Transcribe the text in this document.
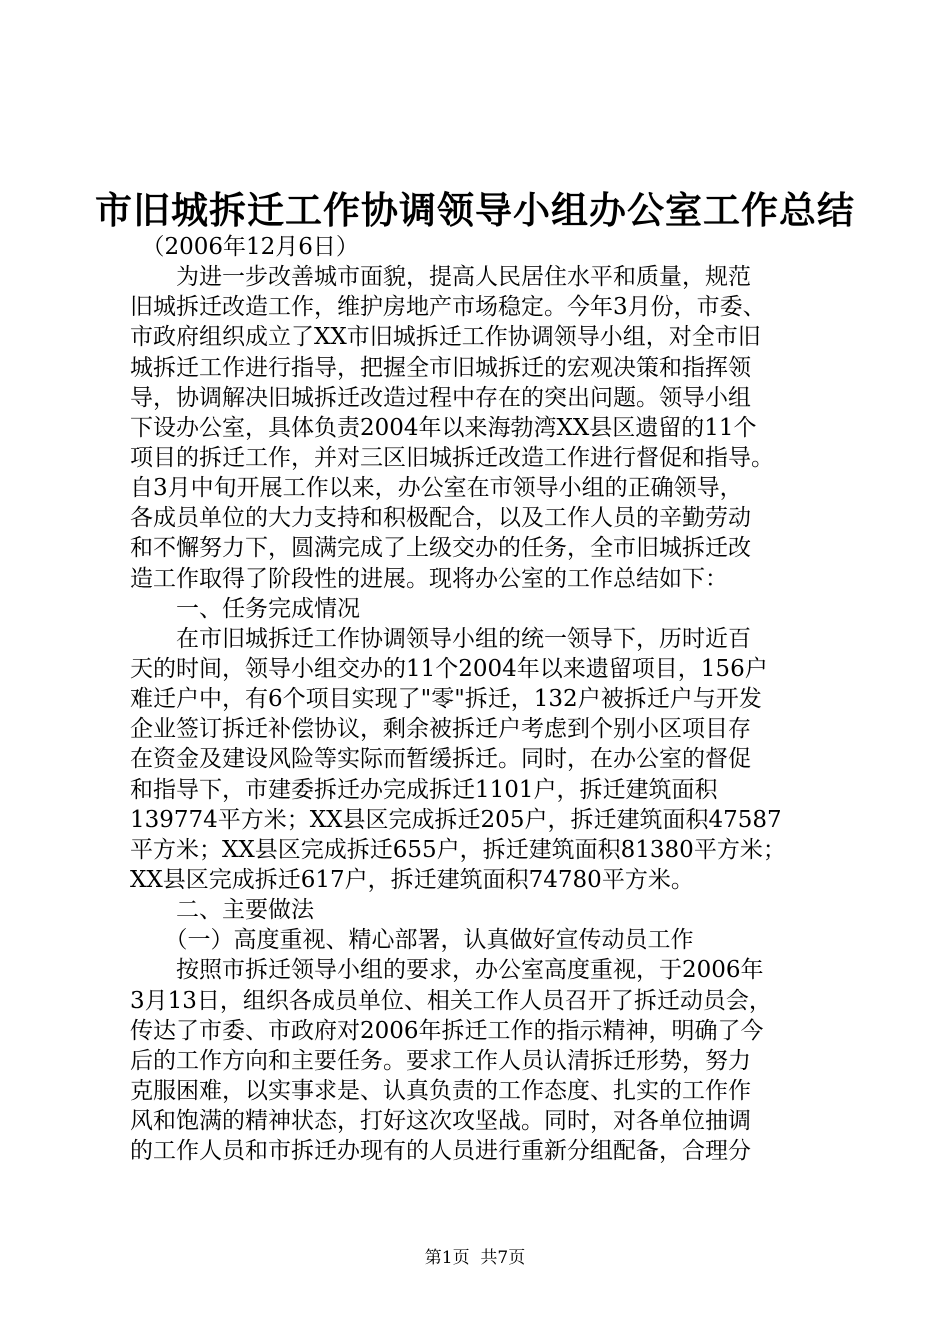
市旧城拆迁工作协调领导小组办公室工作总结
　（2006年12月6日）
　　为进一步改善城市面貌，提高人民居住水平和质量，规范
旧城拆迁改造工作，维护房地产市场稳定。今年3月份，市委、
市政府组织成立了XX市旧城拆迁工作协调领导小组，对全市旧
城拆迁工作进行指导，把握全市旧城拆迁的宏观决策和指挥领
导，协调解决旧城拆迁改造过程中存在的突出问题。领导小组
下设办公室，具体负责2004年以来海勃湾XX县区遗留的11个
项目的拆迁工作，并对三区旧城拆迁改造工作进行督促和指导。
自3月中旬开展工作以来，办公室在市领导小组的正确领导，
各成员单位的大力支持和积极配合，以及工作人员的辛勤劳动
和不懈努力下，圆满完成了上级交办的任务，全市旧城拆迁改
造工作取得了阶段性的进展。现将办公室的工作总结如下：
　　一、任务完成情况
　　在市旧城拆迁工作协调领导小组的统一领导下，历时近百
天的时间，领导小组交办的11个2004年以来遗留项目，156户
难迁户中，有6个项目实现了"零"拆迁，132户被拆迁户与开发
企业签订拆迁补偿协议，剩余被拆迁户考虑到个别小区项目存
在资金及建设风险等实际而暂缓拆迁。同时，在办公室的督促
和指导下，市建委拆迁办完成拆迁1101户，拆迁建筑面积
139774平方米；XX县区完成拆迁205户，拆迁建筑面积47587
平方米；XX县区完成拆迁655户，拆迁建筑面积81380平方米；
XX县区完成拆迁617户，拆迁建筑面积74780平方米。
　　二、主要做法
　　（一）高度重视、精心部署，认真做好宣传动员工作
　　按照市拆迁领导小组的要求，办公室高度重视，于2006年
3月13日，组织各成员单位、相关工作人员召开了拆迁动员会，
传达了市委、市政府对2006年拆迁工作的指示精神，明确了今
后的工作方向和主要任务。要求工作人员认清拆迁形势，努力
克服困难，以实事求是、认真负责的工作态度、扎实的工作作
风和饱满的精神状态，打好这次攻坚战。同时，对各单位抽调
的工作人员和市拆迁办现有的人员进行重新分组配备，合理分
第1页  共7页
